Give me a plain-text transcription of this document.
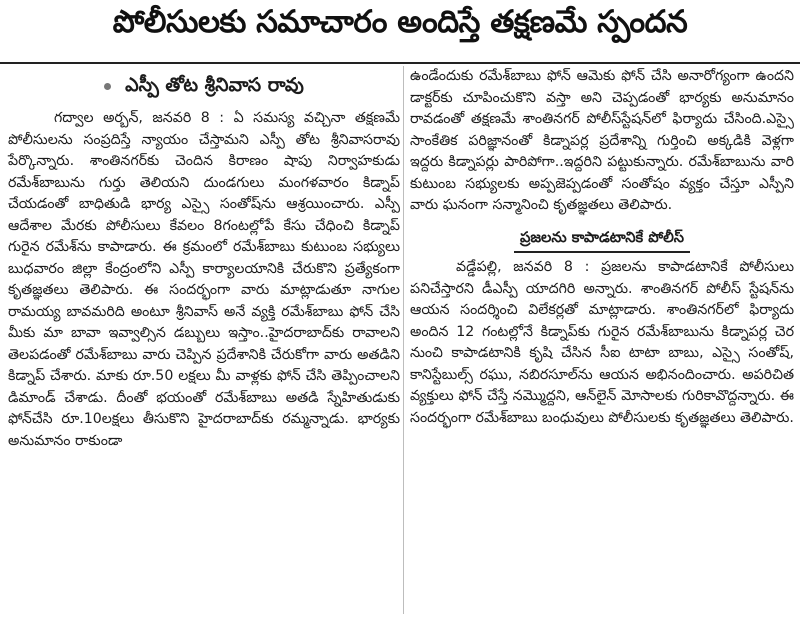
పోలీసులకు సమాచారం అందిస్తే తక్షణమే స్పందన
ఎస్పీ తోట శ్రీనివాస రావు

గద్వాల అర్బన్, జనవరి 8 : ఏ సమస్య వచ్చినా తక్షణమే పోలీసులను సంప్రదిస్తే న్యాయం చేస్తామని ఎస్పీ తోట శ్రీనివాసరావు పేర్కొన్నారు. శాంతినగర్‌కు చెందిన కిరాణం షాపు నిర్వాహకుడు రమేశ్‌బాబును గుర్తు తెలియని దుండగులు మంగళవారం కిడ్నాప్ చేయడంతో బాధితుడి భార్య ఎస్సై సంతోష్‌ను ఆశ్రయించారు. ఎస్పీ ఆదేశాల మేరకు పోలీసులు కేవలం 8గంటల్లోపే కేసు చేధించి కిడ్నాప్ గురైన రమేశ్‌ను కాపాడారు. ఈ క్రమంలో రమేశ్‌బాబు కుటుంబ సభ్యులు బుధవారం జిల్లా కేంద్రంలోని ఎస్పీ కార్యాలయానికి చేరుకొని ప్రత్యేకంగా కృతజ్ఞతలు తెలిపారు. ఈ సందర్భంగా వారు మాట్లాడుతూ నాగుల రామయ్య బావమరిది అంటూ శ్రీనివాస్ అనే వ్యక్తి రమేశ్‌బాబు ఫోన్ చేసి మీకు మా బావా ఇవ్వాల్సిన డబ్బులు ఇస్తాం..హైదరాబాద్‌కు రావాలని తెలపడంతో రమేశ్‌బాబు వారు చెప్పిన ప్రదేశానికి చేరుకోగా వారు అతడిని కిడ్నాప్ చేశారు. మాకు రూ.50 లక్షలు మీ వాళ్లకు ఫోన్ చేసి తెప్పించాలని డిమాండ్ చేశాడు. దీంతో భయంతో రమేశ్‌బాబు అతడి స్నేహితుడుకు ఫోన్‌చేసి రూ.10లక్షలు తీసుకొని హైదరాబాద్‌కు రమ్మన్నాడు. భార్యకు అనుమానం రాకుండా

ఉండేందుకు రమేశ్‌బాబు ఫోన్ ఆమెకు ఫోన్ చేసి అనారోగ్యంగా ఉందని డాక్టర్‌కు చూపించుకొని వస్తా అని చెప్పడంతో భార్యకు అనుమానం రావడంతో తక్షణమే శాంతినగర్ పోలీస్‌స్టేషన్‌లో ఫిర్యాదు చేసింది.ఎస్సై సాంకేతిక పరిజ్ఞానంతో కిడ్నాపర్ల ప్రదేశాన్ని గుర్తించి అక్కడికి వెళ్లగా ఇద్దరు కిడ్నాపర్లు పారిపోగా..ఇద్దరిని పట్టుకున్నారు. రమేశ్‌బాబును వారి కుటుంబ సభ్యులకు అప్పజెప్పడంతో సంతోషం వ్యక్తం చేస్తూ ఎస్పీని వారు ఘనంగా సన్మానించి కృతజ్ఞతలు తెలిపారు.

ప్రజలను కాపాడటానికే పోలీస్

వడ్డేపల్లి, జనవరి 8 : ప్రజలను కాపాడటానికే పోలీసులు పనిచేస్తారని డీఎస్పీ యాదగిరి అన్నారు. శాంతినగర్ పోలీస్ స్టేషన్‌ను ఆయన సందర్శించి విలేకర్లతో మాట్లాడారు. శాంతినగర్‌లో ఫిర్యాదు అందిన 12 గంటల్లోనే కిడ్నాప్‌కు గురైన రమేశ్‌బాబును కిడ్నాపర్ల చెర నుంచి కాపాడటానికి కృషి చేసిన సీఐ టాటా బాబు, ఎస్సై సంతోష్, కానిస్టేబుల్స్ రఘు, నబిరసూల్‌ను ఆయన అభినందించారు. అపరిచిత వ్యక్తులు ఫోన్ చేస్తే నమ్మొద్దని, ఆన్‌లైన్ మోసాలకు గురికావొద్దన్నారు. ఈ సందర్భంగా రమేశ్‌బాబు బంధువులు పోలీసులకు కృతజ్ఞతలు తెలిపారు.
